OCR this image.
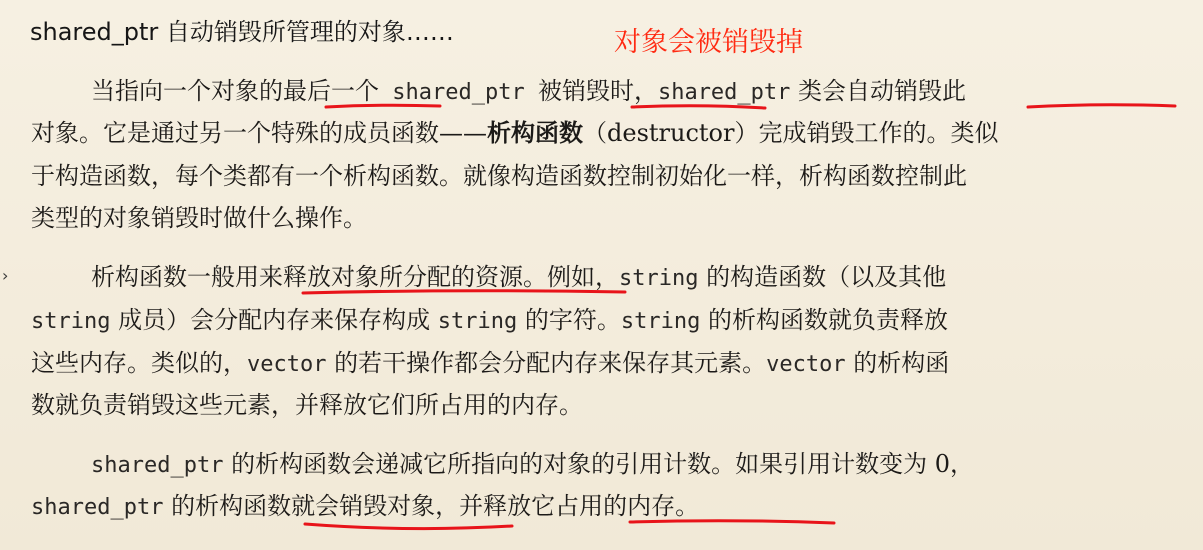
shared_ptr 自动销毁所管理的对象……	对象会被销毁掉
›
当指向一个对象的最后一个 shared_ptr 被销毁时，shared_ptr 类会自动销毁此
对象。它是通过另一个特殊的成员函数——析构函数（destructor）完成销毁工作的。类似
于构造函数，每个类都有一个析构函数。就像构造函数控制初始化一样，析构函数控制此
类型的对象销毁时做什么操作。
析构函数一般用来释放对象所分配的资源。例如，string 的构造函数（以及其他
string 成员）会分配内存来保存构成 string 的字符。string 的析构函数就负责释放
这些内存。类似的，vector 的若干操作都会分配内存来保存其元素。vector 的析构函
数就负责销毁这些元素，并释放它们所占用的内存。
shared_ptr 的析构函数会递减它所指向的对象的引用计数。如果引用计数变为 0，
shared_ptr 的析构函数就会销毁对象，并释放它占用的内存。
